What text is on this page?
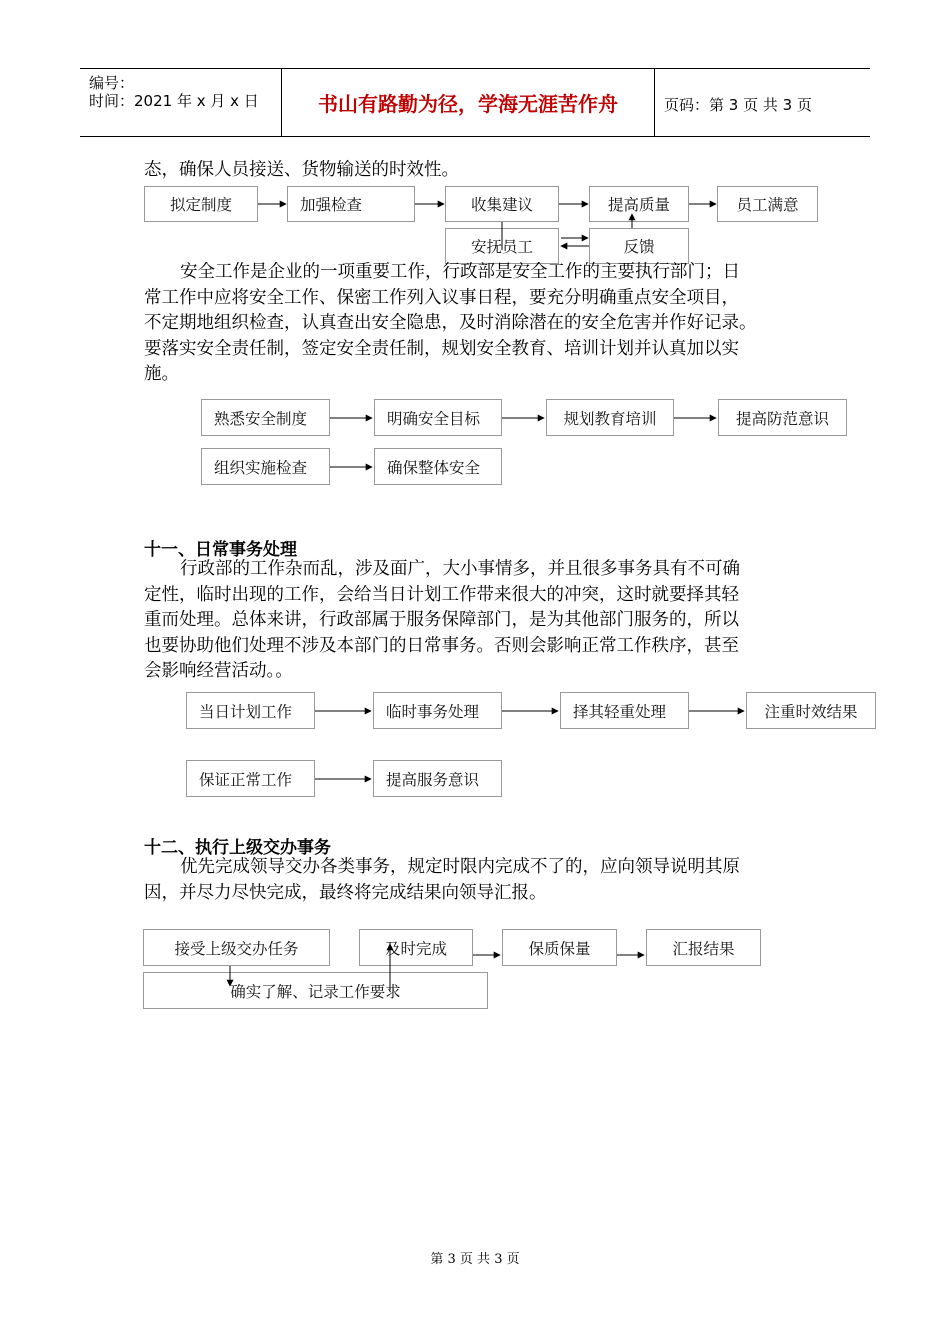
编号：
时间：2021 年 x 月 x 日	书山有路勤为径，学海无涯苦作舟	页码：第 3 页 共 3 页

态，确保人员接送、货物输送的时效性。

拟定制度	加强检查	收集建议	提高质量	员工满意
安抚员工	反馈

安全工作是企业的一项重要工作，行政部是安全工作的主要执行部门；日

常工作中应将安全工作、保密工作列入议事日程，要充分明确重点安全项目，

不定期地组织检查，认真查出安全隐患，及时消除潜在的安全危害并作好记录。

要落实安全责任制，签定安全责任制，规划安全教育、培训计划并认真加以实

施。

熟悉安全制度	明确安全目标	规划教育培训	提高防范意识
组织实施检查	确保整体安全
十一、日常事务处理

行政部的工作杂而乱，涉及面广，大小事情多，并且很多事务具有不可确

定性，临时出现的工作，会给当日计划工作带来很大的冲突，这时就要择其轻

重而处理。总体来讲，行政部属于服务保障部门，是为其他部门服务的，所以

也要协助他们处理不涉及本部门的日常事务。否则会影响正常工作秩序，甚至

会影响经营活动。。

当日计划工作	临时事务处理	择其轻重处理	注重时效结果
保证正常工作	提高服务意识
十二、执行上级交办事务

优先完成领导交办各类事务，规定时限内完成不了的，应向领导说明其原

因，并尽力尽快完成，最终将完成结果向领导汇报。

接受上级交办任务	及时完成	保质保量	汇报结果
确实了解、记录工作要求
第 3 页 共 3 页
